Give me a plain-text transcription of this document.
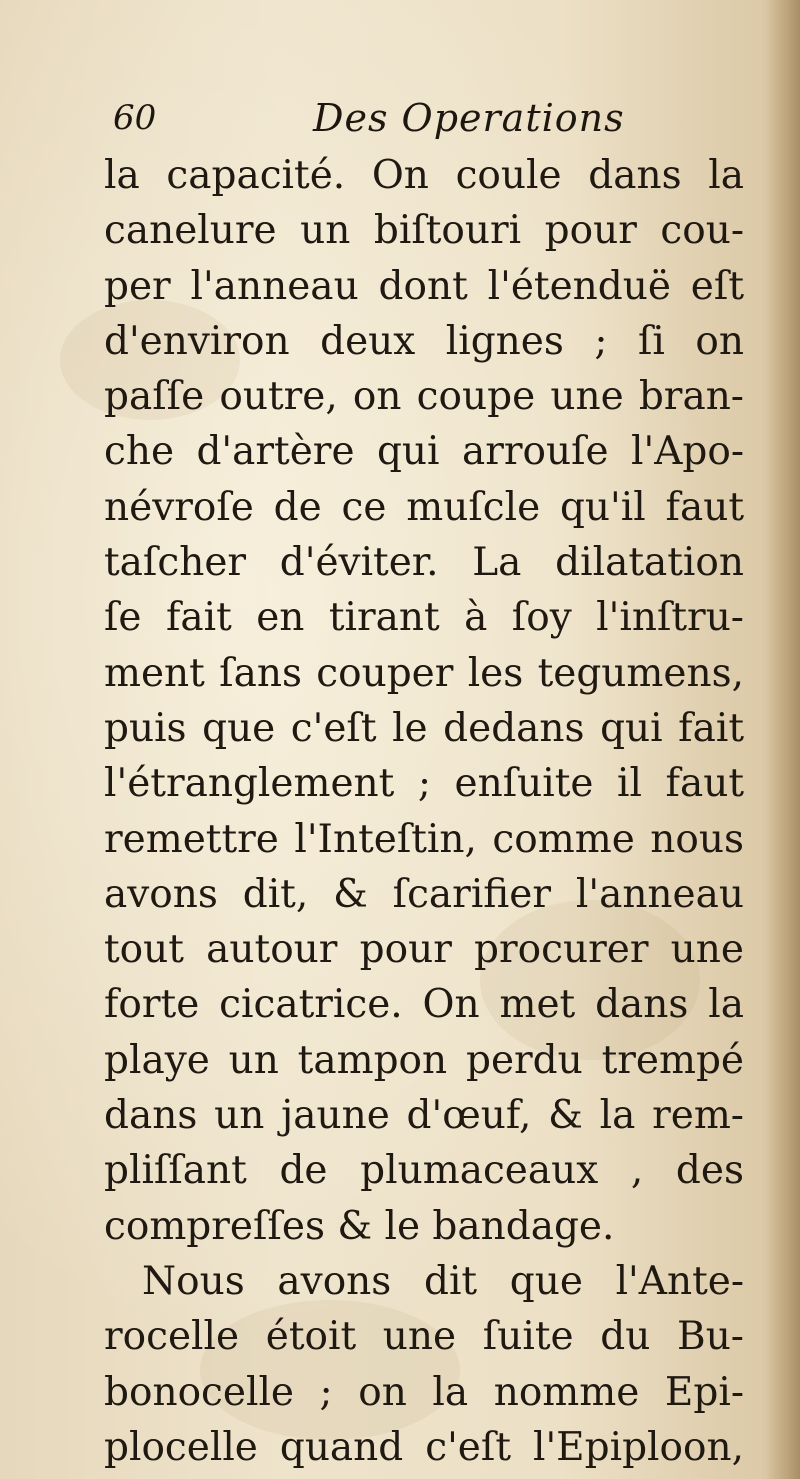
60	Des Operations
la capacité. On coule dans la
canelure un biſtouri pour cou-
per l'anneau dont l'étenduë eſt
d'environ deux lignes ; ſi on
paſſe outre, on coupe une bran-
che d'artère qui arrouſe l'Apo-
névroſe de ce muſcle qu'il faut
taſcher d'éviter. La dilatation
ſe fait en tirant à ſoy l'inſtru-
ment ſans couper les tegumens,
puis que c'eſt le dedans qui fait
l'étranglement ; enſuite il faut
remettre l'Inteſtin, comme nous
avons dit, & ſcarifier l'anneau
tout autour pour procurer une
forte cicatrice. On met dans la
playe un tampon perdu trempé
dans un jaune d'œuf, & la rem-
pliſſant de plumaceaux , des
compreſſes & le bandage.
Nous avons dit que l'Ante-
rocelle étoit une ſuite du Bu-
bonocelle ; on la nomme Epi-
plocelle quand c'eſt l'Epiploon,
